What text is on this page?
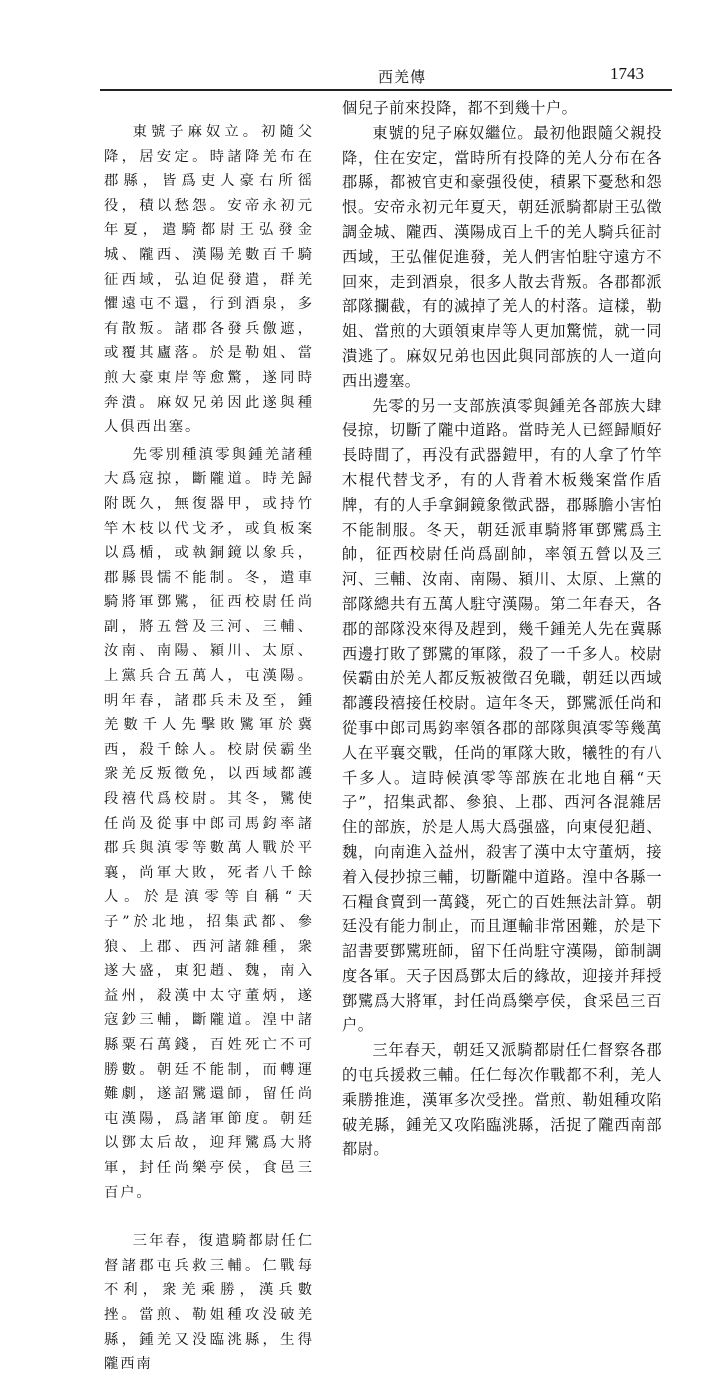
西羌傳	1743

東號子麻奴立。初隨父降，居安定。時諸降羌布在郡縣，皆爲吏人豪右所徭役，積以愁怨。安帝永初元年夏，遣騎都尉王弘發金城、隴西、漢陽羌數百千騎征西域，弘迫促發遣，群羌懼遠屯不還，行到酒泉，多有散叛。諸郡各發兵儌遮，或覆其廬落。於是勒姐、當煎大豪東岸等愈驚，遂同時奔潰。麻奴兄弟因此遂與種人俱西出塞。

先零別種滇零與鍾羌諸種大爲寇掠，斷隴道。時羌歸附既久，無復器甲，或持竹竿木枝以代戈矛，或負板案以爲楯，或執銅鏡以象兵，郡縣畏懦不能制。冬，遣車騎將軍鄧騭，征西校尉任尚副，將五營及三河、三輔、汝南、南陽、潁川、太原、上黨兵合五萬人，屯漢陽。明年春，諸郡兵未及至，鍾羌數千人先擊敗騭軍於冀西，殺千餘人。校尉侯霸坐衆羌反叛徵免，以西域都護段禧代爲校尉。其冬，騭使任尚及從事中郎司馬鈞率諸郡兵與滇零等數萬人戰於平襄，尚軍大敗，死者八千餘人。於是滇零等自稱“天子”於北地，招集武都、參狼、上郡、西河諸雜種，衆遂大盛，東犯趙、魏，南入益州，殺漢中太守董炳，遂寇鈔三輔，斷隴道。湟中諸縣粟石萬錢，百姓死亡不可勝數。朝廷不能制，而轉運難劇，遂詔騭還師，留任尚屯漢陽，爲諸軍節度。朝廷以鄧太后故，迎拜騭爲大將軍，封任尚樂亭侯，食邑三百户。

三年春，復遣騎都尉任仁督諸郡屯兵救三輔。仁戰每不利，衆羌乘勝，漢兵數挫。當煎、勒姐種攻没破羌縣，鍾羌又没臨洮縣，生得隴西南

個兒子前來投降，都不到幾十户。

東號的兒子麻奴繼位。最初他跟隨父親投降，住在安定，當時所有投降的羌人分布在各郡縣，都被官吏和豪强役使，積累下憂愁和怨恨。安帝永初元年夏天，朝廷派騎都尉王弘徵調金城、隴西、漢陽成百上千的羌人騎兵征討西域，王弘催促進發，羌人們害怕駐守遠方不回來，走到酒泉，很多人散去背叛。各郡都派部隊攔截，有的滅掉了羌人的村落。這樣，勒姐、當煎的大頭領東岸等人更加驚慌，就一同潰逃了。麻奴兄弟也因此與同部族的人一道向西出邊塞。

先零的另一支部族滇零與鍾羌各部族大肆侵掠，切斷了隴中道路。當時羌人已經歸順好長時間了，再没有武器鎧甲，有的人拿了竹竿木棍代替戈矛，有的人背着木板幾案當作盾牌，有的人手拿銅鏡象徵武器，郡縣膽小害怕不能制服。冬天，朝廷派車騎將軍鄧騭爲主帥，征西校尉任尚爲副帥，率領五營以及三河、三輔、汝南、南陽、潁川、太原、上黨的部隊總共有五萬人駐守漢陽。第二年春天，各郡的部隊没來得及趕到，幾千鍾羌人先在冀縣西邊打敗了鄧騭的軍隊，殺了一千多人。校尉侯霸由於羌人都反叛被徵召免職，朝廷以西域都護段禧接任校尉。這年冬天，鄧騭派任尚和從事中郎司馬鈞率領各郡的部隊與滇零等幾萬人在平襄交戰，任尚的軍隊大敗，犧牲的有八千多人。這時候滇零等部族在北地自稱“天子”，招集武都、參狼、上郡、西河各混雜居住的部族，於是人馬大爲强盛，向東侵犯趙、魏，向南進入益州，殺害了漢中太守董炳，接着入侵抄掠三輔，切斷隴中道路。湟中各縣一石糧食賣到一萬錢，死亡的百姓無法計算。朝廷没有能力制止，而且運輸非常困難，於是下詔書要鄧騭班師，留下任尚駐守漢陽，節制調度各軍。天子因爲鄧太后的緣故，迎接并拜授鄧騭爲大將軍，封任尚爲樂亭侯，食采邑三百户。

三年春天，朝廷又派騎都尉任仁督察各郡的屯兵援救三輔。任仁每次作戰都不利，羌人乘勝推進，漢軍多次受挫。當煎、勒姐種攻陷破羌縣，鍾羌又攻陷臨洮縣，活捉了隴西南部都尉。
